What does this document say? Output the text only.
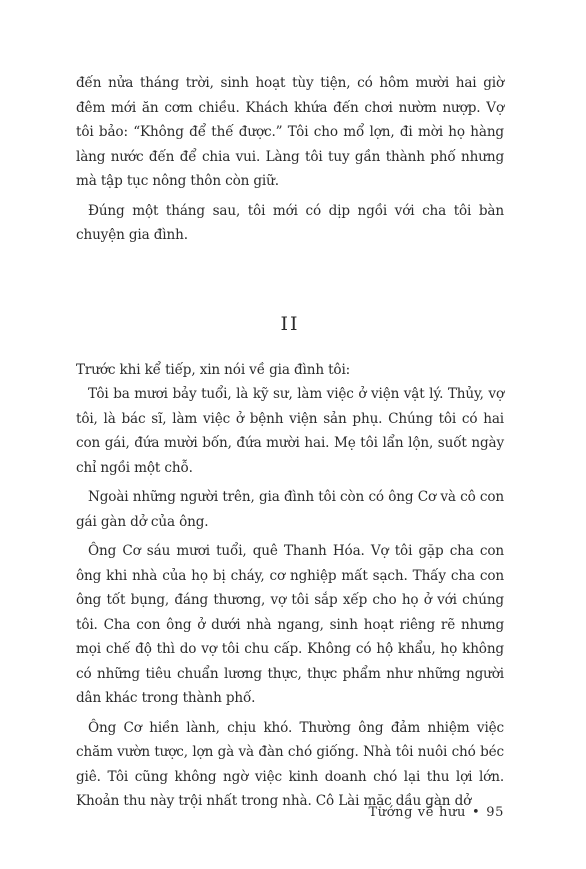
đến nửa tháng trời, sinh hoạt tùy tiện, có hôm mười hai giờ đêm mới ăn cơm chiều. Khách khứa đến chơi nườm nượp. Vợ tôi bảo: “Không để thế được.” Tôi cho mổ lợn, đi mời họ hàng làng nước đến để chia vui. Làng tôi tuy gần thành phố nhưng mà tập tục nông thôn còn giữ.

Đúng một tháng sau, tôi mới có dịp ngồi với cha tôi bàn chuyện gia đình.

II

Trước khi kể tiếp, xin nói về gia đình tôi:

Tôi ba mươi bảy tuổi, là kỹ sư, làm việc ở viện vật lý. Thủy, vợ tôi, là bác sĩ, làm việc ở bệnh viện sản phụ. Chúng tôi có hai con gái, đứa mười bốn, đứa mười hai. Mẹ tôi lẩn lộn, suốt ngày chỉ ngồi một chỗ.

Ngoài những người trên, gia đình tôi còn có ông Cơ và cô con gái gàn dở của ông.

Ông Cơ sáu mươi tuổi, quê Thanh Hóa. Vợ tôi gặp cha con ông khi nhà của họ bị cháy, cơ nghiệp mất sạch. Thấy cha con ông tốt bụng, đáng thương, vợ tôi sắp xếp cho họ ở với chúng tôi. Cha con ông ở dưới nhà ngang, sinh hoạt riêng rẽ nhưng mọi chế độ thì do vợ tôi chu cấp. Không có hộ khẩu, họ không có những tiêu chuẩn lương thực, thực phẩm như những người dân khác trong thành phố.

Ông Cơ hiền lành, chịu khó. Thường ông đảm nhiệm việc chăm vườn tược, lợn gà và đàn chó giống. Nhà tôi nuôi chó béc giê. Tôi cũng không ngờ việc kinh doanh chó lại thu lợi lớn. Khoản thu này trội nhất trong nhà. Cô Lài mặc dầu gàn dở

Tướng về hưu • 95
